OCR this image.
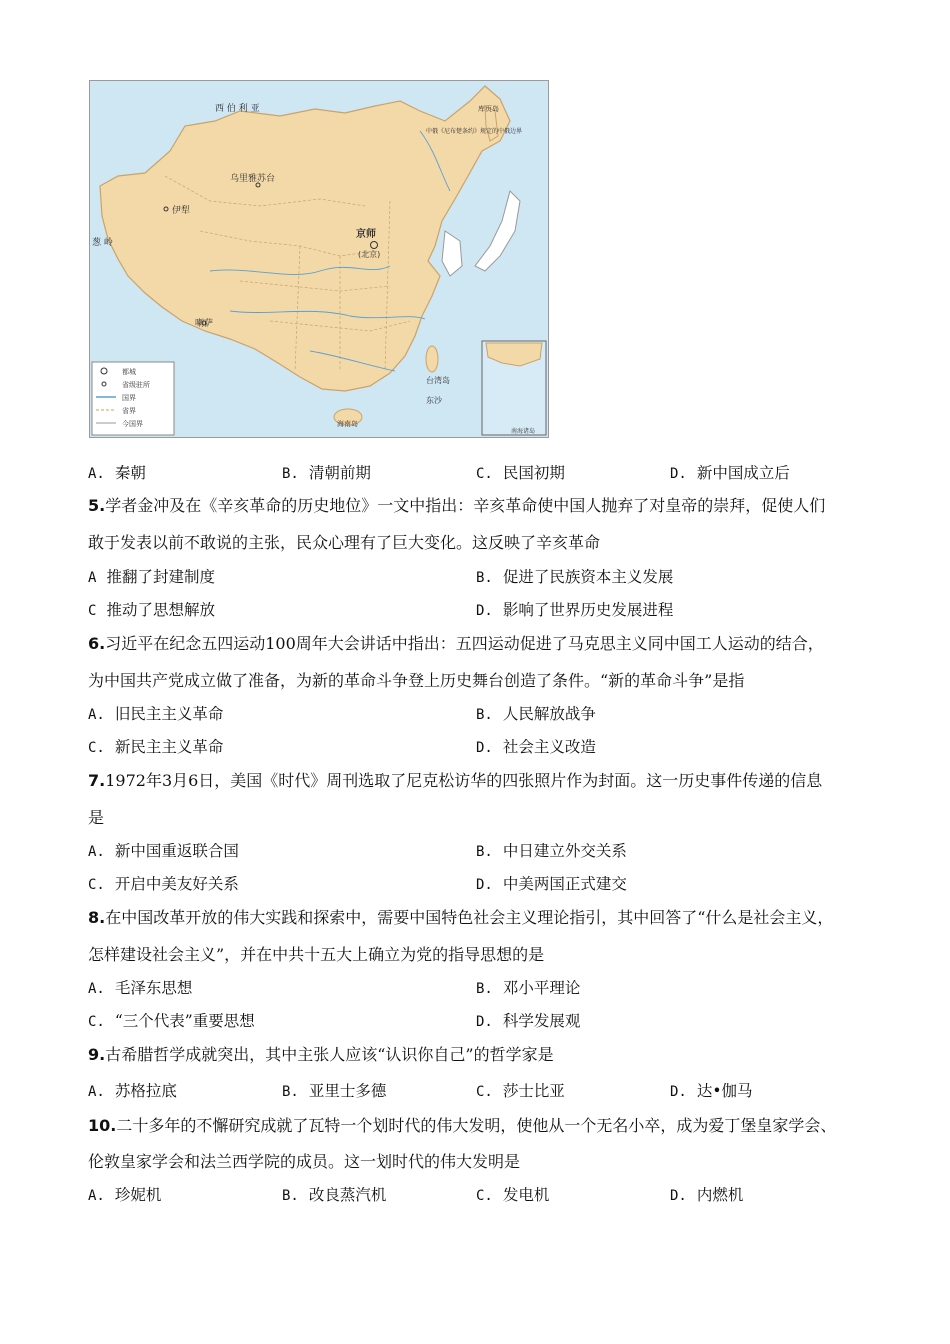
都城
省级驻所
国界
省界
今国界
西 伯 利 亚
乌里雅苏台
伊犁
葱 岭
京师
(北京)
喇萨
台湾岛
东沙
海南岛
库页岛
中俄《尼布楚条约》规定的中俄边界
南海诸岛
A. 秦朝	B. 清朝前期	C. 民国初期	D. 新中国成立后
5.学者金冲及在《辛亥革命的历史地位》一文中指出：辛亥革命使中国人抛弃了对皇帝的崇拜，促使人们
敢于发表以前不敢说的主张，民众心理有了巨大变化。这反映了辛亥革命
A 推翻了封建制度	B. 促进了民族资本主义发展
C 推动了思想解放	D. 影响了世界历史发展进程
6.习近平在纪念五四运动100周年大会讲话中指出：五四运动促进了马克思主义同中国工人运动的结合，
为中国共产党成立做了准备，为新的革命斗争登上历史舞台创造了条件。“新的革命斗争”是指
A. 旧民主主义革命	B. 人民解放战争
C. 新民主主义革命	D. 社会主义改造
7.1972年3月6日，美国《时代》周刊选取了尼克松访华的四张照片作为封面。这一历史事件传递的信息
是
A. 新中国重返联合国	B. 中日建立外交关系
C. 开启中美友好关系	D. 中美两国正式建交
8.在中国改革开放的伟大实践和探索中，需要中国特色社会主义理论指引，其中回答了“什么是社会主义，
怎样建设社会主义”，并在中共十五大上确立为党的指导思想的是
A. 毛泽东思想	B. 邓小平理论
C. “三个代表”重要思想	D. 科学发展观
9.古希腊哲学成就突出，其中主张人应该“认识你自己”的哲学家是
A. 苏格拉底	B. 亚里士多德	C. 莎士比亚	D. 达•伽马
10.二十多年的不懈研究成就了瓦特一个划时代的伟大发明，使他从一个无名小卒，成为爱丁堡皇家学会、
伦敦皇家学会和法兰西学院的成员。这一划时代的伟大发明是
A. 珍妮机	B. 改良蒸汽机	C. 发电机	D. 内燃机
